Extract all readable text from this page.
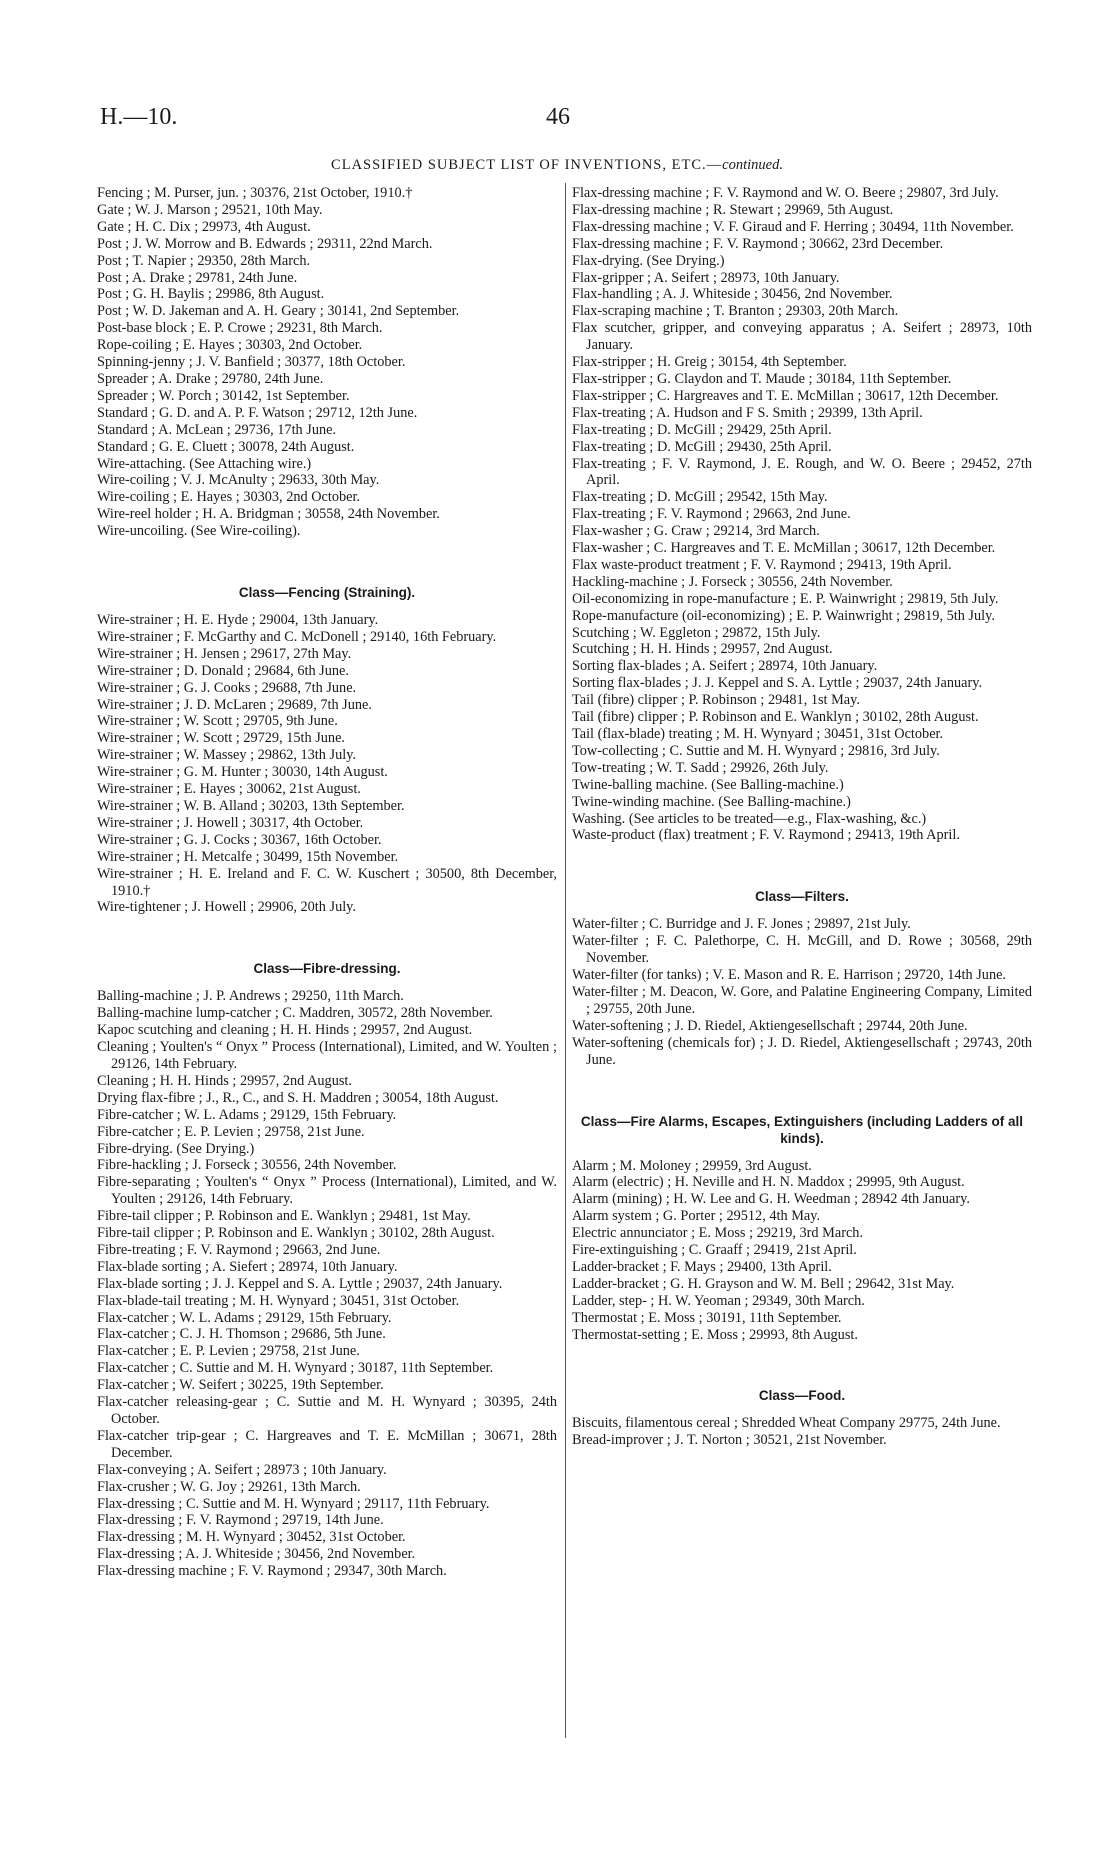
H.—10.	46
CLASSIFIED SUBJECT LIST OF INVENTIONS, ETC.—continued.
Fencing ; M. Purser, jun. ; 30376, 21st October, 1910.†
Gate ; W. J. Marson ; 29521, 10th May.
Gate ; H. C. Dix ; 29973, 4th August.
Post ; J. W. Morrow and B. Edwards ; 29311, 22nd March.
Post ; T. Napier ; 29350, 28th March.
Post ; A. Drake ; 29781, 24th June.
Post ; G. H. Baylis ; 29986, 8th August.
Post ; W. D. Jakeman and A. H. Geary ; 30141, 2nd September.
Post-base block ; E. P. Crowe ; 29231, 8th March.
Rope-coiling ; E. Hayes ; 30303, 2nd October.
Spinning-jenny ; J. V. Banfield ; 30377, 18th October.
Spreader ; A. Drake ; 29780, 24th June.
Spreader ; W. Porch ; 30142, 1st September.
Standard ; G. D. and A. P. F. Watson ; 29712, 12th June.
Standard ; A. McLean ; 29736, 17th June.
Standard ; G. E. Cluett ; 30078, 24th August.
Wire-attaching. (See Attaching wire.)
Wire-coiling ; V. J. McAnulty ; 29633, 30th May.
Wire-coiling ; E. Hayes ; 30303, 2nd October.
Wire-reel holder ; H. A. Bridgman ; 30558, 24th November.
Wire-uncoiling. (See Wire-coiling).
Class—Fencing (Straining).
Wire-strainer ; H. E. Hyde ; 29004, 13th January.
Wire-strainer ; F. McGarthy and C. McDonell ; 29140, 16th February.
Wire-strainer ; H. Jensen ; 29617, 27th May.
Wire-strainer ; D. Donald ; 29684, 6th June.
Wire-strainer ; G. J. Cooks ; 29688, 7th June.
Wire-strainer ; J. D. McLaren ; 29689, 7th June.
Wire-strainer ; W. Scott ; 29705, 9th June.
Wire-strainer ; W. Scott ; 29729, 15th June.
Wire-strainer ; W. Massey ; 29862, 13th July.
Wire-strainer ; G. M. Hunter ; 30030, 14th August.
Wire-strainer ; E. Hayes ; 30062, 21st August.
Wire-strainer ; W. B. Alland ; 30203, 13th September.
Wire-strainer ; J. Howell ; 30317, 4th October.
Wire-strainer ; G. J. Cocks ; 30367, 16th October.
Wire-strainer ; H. Metcalfe ; 30499, 15th November.
Wire-strainer ; H. E. Ireland and F. C. W. Kuschert ; 30500, 8th December, 1910.†
Wire-tightener ; J. Howell ; 29906, 20th July.
Class—Fibre-dressing.
Balling-machine ; J. P. Andrews ; 29250, 11th March.
Balling-machine lump-catcher ; C. Maddren, 30572, 28th November.
Kapoc scutching and cleaning ; H. H. Hinds ; 29957, 2nd August.
Cleaning ; Youlten's “ Onyx ” Process (International), Limited, and W. Youlten ; 29126, 14th February.
Cleaning ; H. H. Hinds ; 29957, 2nd August.
Drying flax-fibre ; J., R., C., and S. H. Maddren ; 30054, 18th August.
Fibre-catcher ; W. L. Adams ; 29129, 15th February.
Fibre-catcher ; E. P. Levien ; 29758, 21st June.
Fibre-drying. (See Drying.)
Fibre-hackling ; J. Forseck ; 30556, 24th November.
Fibre-separating ; Youlten's “ Onyx ” Process (International), Limited, and W. Youlten ; 29126, 14th February.
Fibre-tail clipper ; P. Robinson and E. Wanklyn ; 29481, 1st May.
Fibre-tail clipper ; P. Robinson and E. Wanklyn ; 30102, 28th August.
Fibre-treating ; F. V. Raymond ; 29663, 2nd June.
Flax-blade sorting ; A. Siefert ; 28974, 10th January.
Flax-blade sorting ; J. J. Keppel and S. A. Lyttle ; 29037, 24th January.
Flax-blade-tail treating ; M. H. Wynyard ; 30451, 31st October.
Flax-catcher ; W. L. Adams ; 29129, 15th February.
Flax-catcher ; C. J. H. Thomson ; 29686, 5th June.
Flax-catcher ; E. P. Levien ; 29758, 21st June.
Flax-catcher ; C. Suttie and M. H. Wynyard ; 30187, 11th September.
Flax-catcher ; W. Seifert ; 30225, 19th September.
Flax-catcher releasing-gear ; C. Suttie and M. H. Wynyard ; 30395, 24th October.
Flax-catcher trip-gear ; C. Hargreaves and T. E. McMillan ; 30671, 28th December.
Flax-conveying ; A. Seifert ; 28973 ; 10th January.
Flax-crusher ; W. G. Joy ; 29261, 13th March.
Flax-dressing ; C. Suttie and M. H. Wynyard ; 29117, 11th February.
Flax-dressing ; F. V. Raymond ; 29719, 14th June.
Flax-dressing ; M. H. Wynyard ; 30452, 31st October.
Flax-dressing ; A. J. Whiteside ; 30456, 2nd November.
Flax-dressing machine ; F. V. Raymond ; 29347, 30th March.
Flax-dressing machine ; F. V. Raymond and W. O. Beere ; 29807, 3rd July.
Flax-dressing machine ; R. Stewart ; 29969, 5th August.
Flax-dressing machine ; V. F. Giraud and F. Herring ; 30494, 11th November.
Flax-dressing machine ; F. V. Raymond ; 30662, 23rd December.
Flax-drying. (See Drying.)
Flax-gripper ; A. Seifert ; 28973, 10th January.
Flax-handling ; A. J. Whiteside ; 30456, 2nd November.
Flax-scraping machine ; T. Branton ; 29303, 20th March.
Flax scutcher, gripper, and conveying apparatus ; A. Seifert ; 28973, 10th January.
Flax-stripper ; H. Greig ; 30154, 4th September.
Flax-stripper ; G. Claydon and T. Maude ; 30184, 11th September.
Flax-stripper ; C. Hargreaves and T. E. McMillan ; 30617, 12th December.
Flax-treating ; A. Hudson and F S. Smith ; 29399, 13th April.
Flax-treating ; D. McGill ; 29429, 25th April.
Flax-treating ; D. McGill ; 29430, 25th April.
Flax-treating ; F. V. Raymond, J. E. Rough, and W. O. Beere ; 29452, 27th April.
Flax-treating ; D. McGill ; 29542, 15th May.
Flax-treating ; F. V. Raymond ; 29663, 2nd June.
Flax-washer ; G. Craw ; 29214, 3rd March.
Flax-washer ; C. Hargreaves and T. E. McMillan ; 30617, 12th December.
Flax waste-product treatment ; F. V. Raymond ; 29413, 19th April.
Hackling-machine ; J. Forseck ; 30556, 24th November.
Oil-economizing in rope-manufacture ; E. P. Wainwright ; 29819, 5th July.
Rope-manufacture (oil-economizing) ; E. P. Wainwright ; 29819, 5th July.
Scutching ; W. Eggleton ; 29872, 15th July.
Scutching ; H. H. Hinds ; 29957, 2nd August.
Sorting flax-blades ; A. Seifert ; 28974, 10th January.
Sorting flax-blades ; J. J. Keppel and S. A. Lyttle ; 29037, 24th January.
Tail (fibre) clipper ; P. Robinson ; 29481, 1st May.
Tail (fibre) clipper ; P. Robinson and E. Wanklyn ; 30102, 28th August.
Tail (flax-blade) treating ; M. H. Wynyard ; 30451, 31st October.
Tow-collecting ; C. Suttie and M. H. Wynyard ; 29816, 3rd July.
Tow-treating ; W. T. Sadd ; 29926, 26th July.
Twine-balling machine. (See Balling-machine.)
Twine-winding machine. (See Balling-machine.)
Washing. (See articles to be treated—e.g., Flax-washing, &c.)
Waste-product (flax) treatment ; F. V. Raymond ; 29413, 19th April.
Class—Filters.
Water-filter ; C. Burridge and J. F. Jones ; 29897, 21st July.
Water-filter ; F. C. Palethorpe, C. H. McGill, and D. Rowe ; 30568, 29th November.
Water-filter (for tanks) ; V. E. Mason and R. E. Harrison ; 29720, 14th June.
Water-filter ; M. Deacon, W. Gore, and Palatine Engineering Company, Limited ; 29755, 20th June.
Water-softening ; J. D. Riedel, Aktiengesellschaft ; 29744, 20th June.
Water-softening (chemicals for) ; J. D. Riedel, Aktiengesellschaft ; 29743, 20th June.
Class—Fire Alarms, Escapes, Extinguishers (including Ladders of all kinds).
Alarm ; M. Moloney ; 29959, 3rd August.
Alarm (electric) ; H. Neville and H. N. Maddox ; 29995, 9th August.
Alarm (mining) ; H. W. Lee and G. H. Weedman ; 28942 4th January.
Alarm system ; G. Porter ; 29512, 4th May.
Electric annunciator ; E. Moss ; 29219, 3rd March.
Fire-extinguishing ; C. Graaff ; 29419, 21st April.
Ladder-bracket ; F. Mays ; 29400, 13th April.
Ladder-bracket ; G. H. Grayson and W. M. Bell ; 29642, 31st May.
Ladder, step- ; H. W. Yeoman ; 29349, 30th March.
Thermostat ; E. Moss ; 30191, 11th September.
Thermostat-setting ; E. Moss ; 29993, 8th August.
Class—Food.
Biscuits, filamentous cereal ; Shredded Wheat Company 29775, 24th June.
Bread-improver ; J. T. Norton ; 30521, 21st November.
